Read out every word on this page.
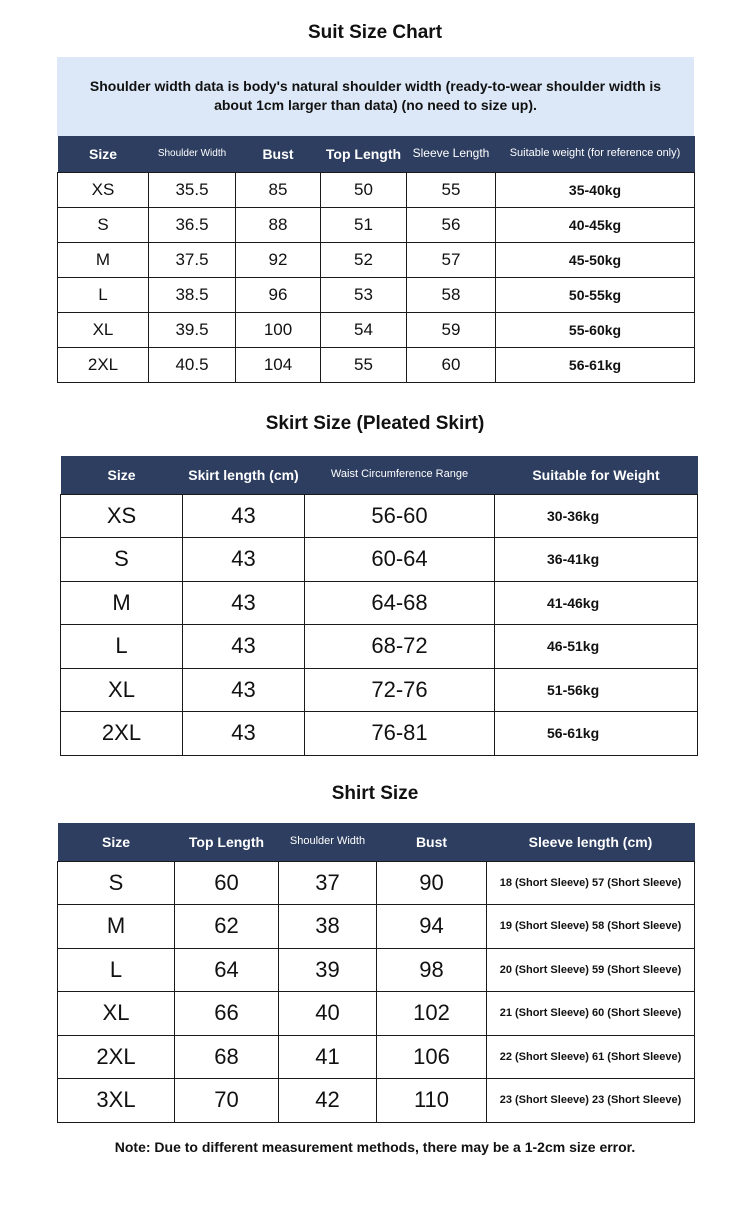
Suit Size Chart
Shoulder width data is body's natural shoulder width (ready-to-wear shoulder width is about 1cm larger than data) (no need to size up).
Size	Shoulder Width	Bust	Top Length	Sleeve Length	Suitable weight (for reference only)
XS	35.5	85	50	55	35-40kg
S	36.5	88	51	56	40-45kg
M	37.5	92	52	57	45-50kg
L	38.5	96	53	58	50-55kg
XL	39.5	100	54	59	55-60kg
2XL	40.5	104	55	60	56-61kg
Skirt Size (Pleated Skirt)
Size	Skirt length (cm)	Waist Circumference Range	Suitable for Weight
XS	43	56-60	30-36kg
S	43	60-64	36-41kg
M	43	64-68	41-46kg
L	43	68-72	46-51kg
XL	43	72-76	51-56kg
2XL	43	76-81	56-61kg
Shirt Size
Size	Top Length	Shoulder Width	Bust	Sleeve length (cm)
S	60	37	90	18 (Short Sleeve) 57 (Short Sleeve)
M	62	38	94	19 (Short Sleeve) 58 (Short Sleeve)
L	64	39	98	20 (Short Sleeve) 59 (Short Sleeve)
XL	66	40	102	21 (Short Sleeve) 60 (Short Sleeve)
2XL	68	41	106	22 (Short Sleeve) 61 (Short Sleeve)
3XL	70	42	110	23 (Short Sleeve) 23 (Short Sleeve)
Note: Due to different measurement methods, there may be a 1-2cm size error.
